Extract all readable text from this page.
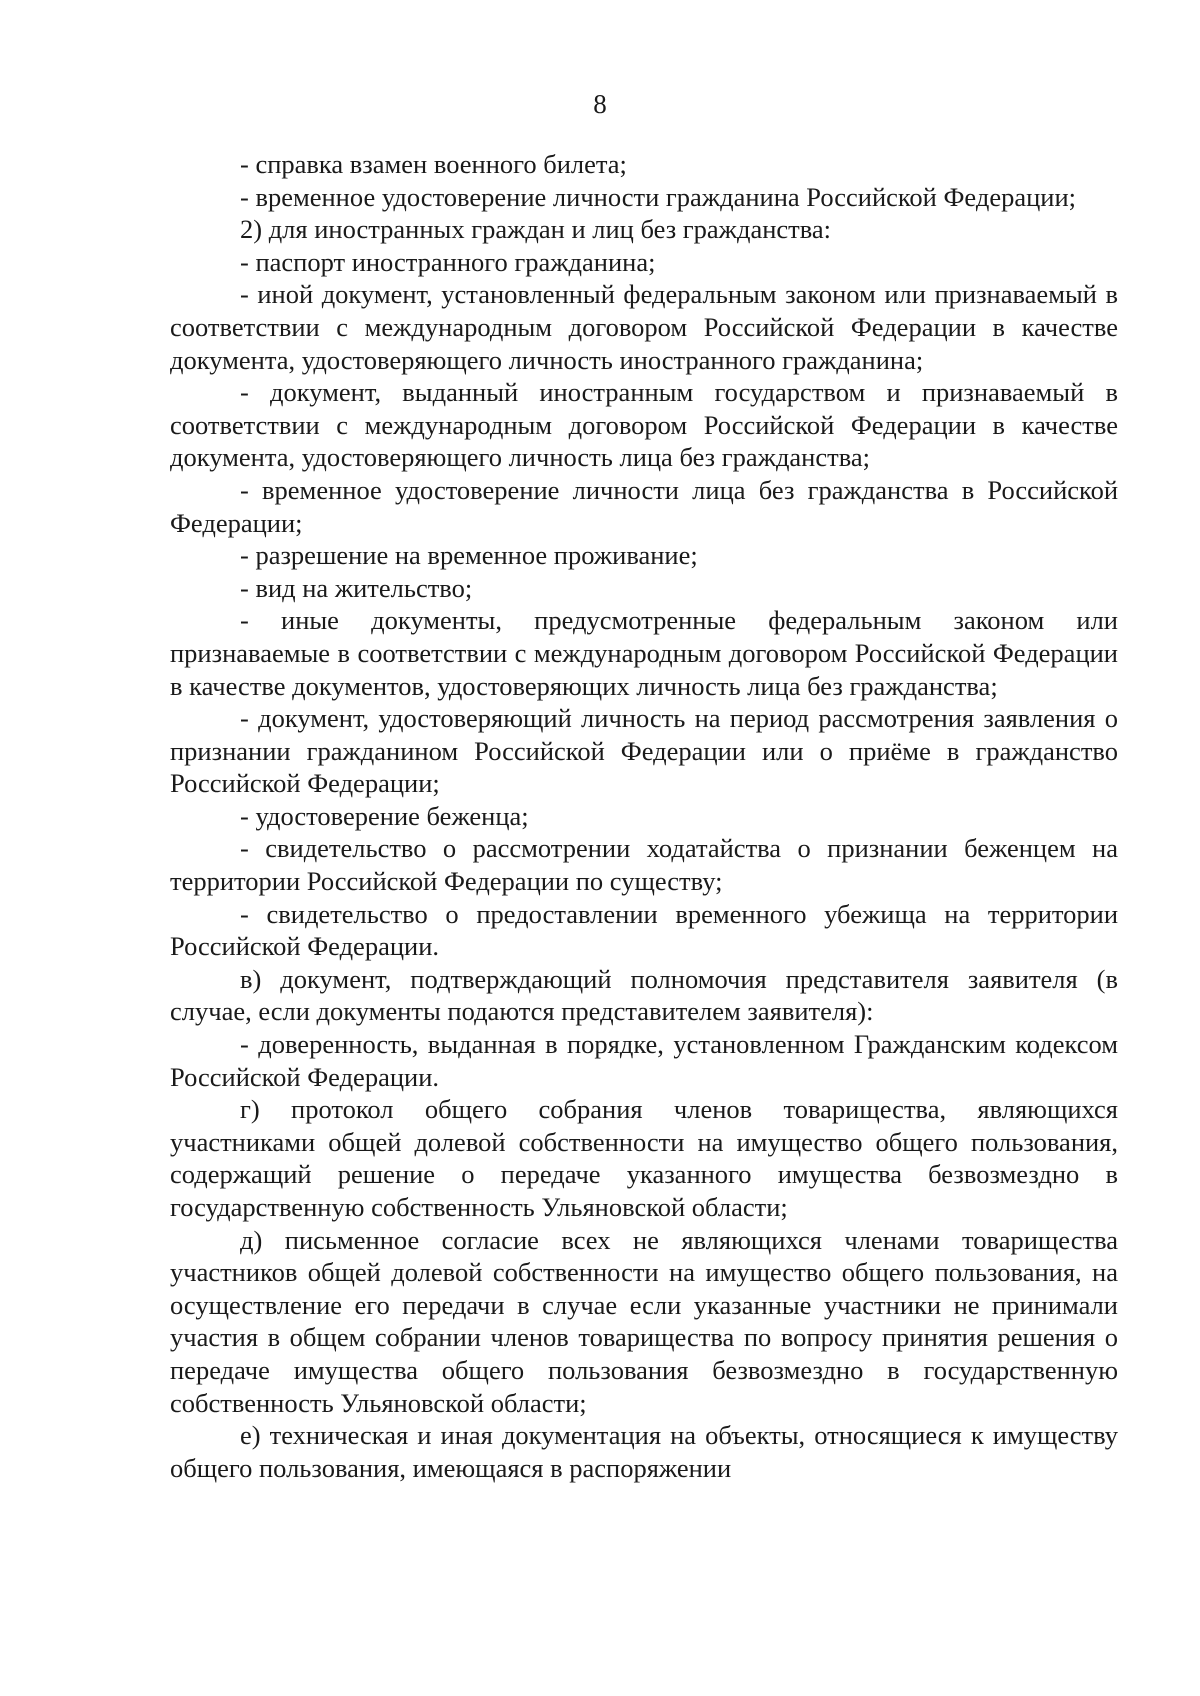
8

- справка взамен военного билета;

- временное удостоверение личности гражданина Российской Федерации;

2) для иностранных граждан и лиц без гражданства:

- паспорт иностранного гражданина;

- иной документ, установленный федеральным законом или признаваемый в соответствии с международным договором Российской Федерации в качестве документа, удостоверяющего личность иностранного гражданина;

- документ, выданный иностранным государством и признаваемый в соответствии с международным договором Российской Федерации в качестве документа, удостоверяющего личность лица без гражданства;

- временное удостоверение личности лица без гражданства в Российской Федерации;

- разрешение на временное проживание;

- вид на жительство;

- иные документы, предусмотренные федеральным законом или признаваемые в соответствии с международным договором Российской Федерации в качестве документов, удостоверяющих личность лица без гражданства;

- документ, удостоверяющий личность на период рассмотрения заявления о признании гражданином Российской Федерации или о приёме в гражданство Российской Федерации;

- удостоверение беженца;

- свидетельство о рассмотрении ходатайства о признании беженцем на территории Российской Федерации по существу;

- свидетельство о предоставлении временного убежища на территории Российской Федерации.

в) документ, подтверждающий полномочия представителя заявителя (в случае, если документы подаются представителем заявителя):

- доверенность, выданная в порядке, установленном Гражданским кодексом Российской Федерации.

г) протокол общего собрания членов товарищества, являющихся участниками общей долевой собственности на имущество общего пользования, содержащий решение о передаче указанного имущества безвозмездно в государственную собственность Ульяновской области;

д) письменное согласие всех не являющихся членами товарищества участников общей долевой собственности на имущество общего пользования, на осуществление его передачи в случае если указанные участники не принимали участия в общем собрании членов товарищества по вопросу принятия решения о передаче имущества общего пользования безвозмездно в государственную собственность Ульяновской области;

е) техническая и иная документация на объекты, относящиеся к имуществу общего пользования, имеющаяся в распоряжении
